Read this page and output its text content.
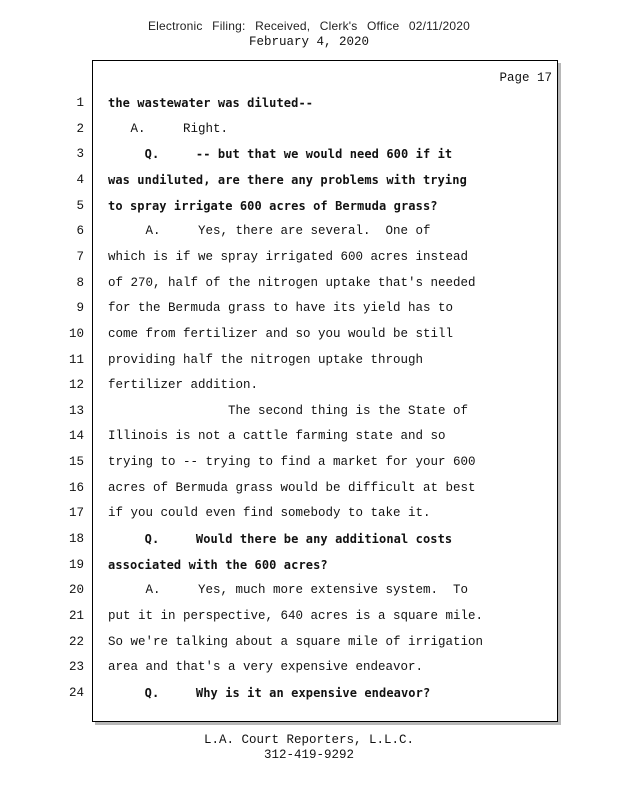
Electronic Filing: Received, Clerk's Office 02/11/2020
February 4, 2020
Page 17
1 the wastewater was diluted--
2 A.     Right.
3 Q.     -- but that we would need 600 if it
4 was undiluted, are there any problems with trying
5 to spray irrigate 600 acres of Bermuda grass?
6 A.     Yes, there are several.  One of
7 which is if we spray irrigated 600 acres instead
8 of 270, half of the nitrogen uptake that's needed
9 for the Bermuda grass to have its yield has to
10 come from fertilizer and so you would be still
11 providing half the nitrogen uptake through
12 fertilizer addition.
13 The second thing is the State of
14 Illinois is not a cattle farming state and so
15 trying to -- trying to find a market for your 600
16 acres of Bermuda grass would be difficult at best
17 if you could even find somebody to take it.
18 Q.     Would there be any additional costs
19 associated with the 600 acres?
20 A.     Yes, much more extensive system.  To
21 put it in perspective, 640 acres is a square mile.
22 So we're talking about a square mile of irrigation
23 area and that's a very expensive endeavor.
24 Q.     Why is it an expensive endeavor?
L.A. Court Reporters, L.L.C.
312-419-9292
